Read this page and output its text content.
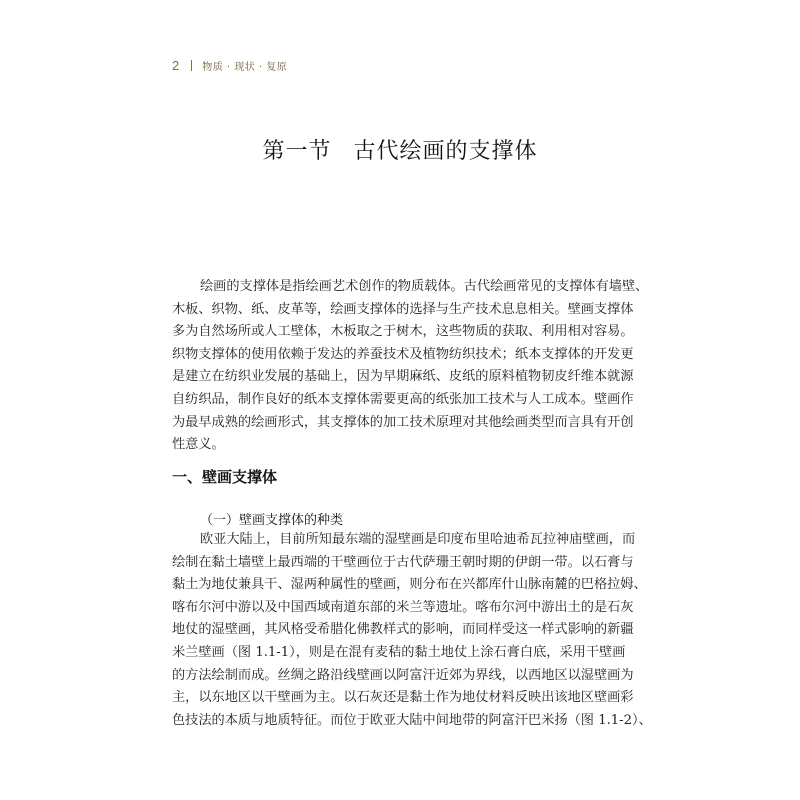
2 物质 · 现状 · 复原
第一节 古代绘画的支撑体
绘画的支撑体是指绘画艺术创作的物质载体。古代绘画常见的支撑体有墙壁、
木板、织物、纸、皮革等，绘画支撑体的选择与生产技术息息相关。壁画支撑体
多为自然场所或人工壁体，木板取之于树木，这些物质的获取、利用相对容易。
织物支撑体的使用依赖于发达的养蚕技术及植物纺织技术；纸本支撑体的开发更
是建立在纺织业发展的基础上，因为早期麻纸、皮纸的原料植物韧皮纤维本就源
自纺织品，制作良好的纸本支撑体需要更高的纸张加工技术与人工成本。壁画作
为最早成熟的绘画形式，其支撑体的加工技术原理对其他绘画类型而言具有开创
性意义。
一、壁画支撑体
（一）壁画支撑体的种类
欧亚大陆上，目前所知最东端的湿壁画是印度布里哈迪希瓦拉神庙壁画，而
绘制在黏土墙壁上最西端的干壁画位于古代萨珊王朝时期的伊朗一带。以石膏与
黏土为地仗兼具干、湿两种属性的壁画，则分布在兴都库什山脉南麓的巴格拉姆、
喀布尔河中游以及中国西域南道东部的米兰等遗址。喀布尔河中游出土的是石灰
地仗的湿壁画，其风格受希腊化佛教样式的影响，而同样受这一样式影响的新疆
米兰壁画（图 1.1-1），则是在混有麦秸的黏土地仗上涂石膏白底，采用干壁画
的方法绘制而成。丝绸之路沿线壁画以阿富汗近郊为界线，以西地区以湿壁画为
主，以东地区以干壁画为主。以石灰还是黏土作为地仗材料反映出该地区壁画彩
色技法的本质与地质特征。而位于欧亚大陆中间地带的阿富汗巴米扬（图 1.1-2）、
